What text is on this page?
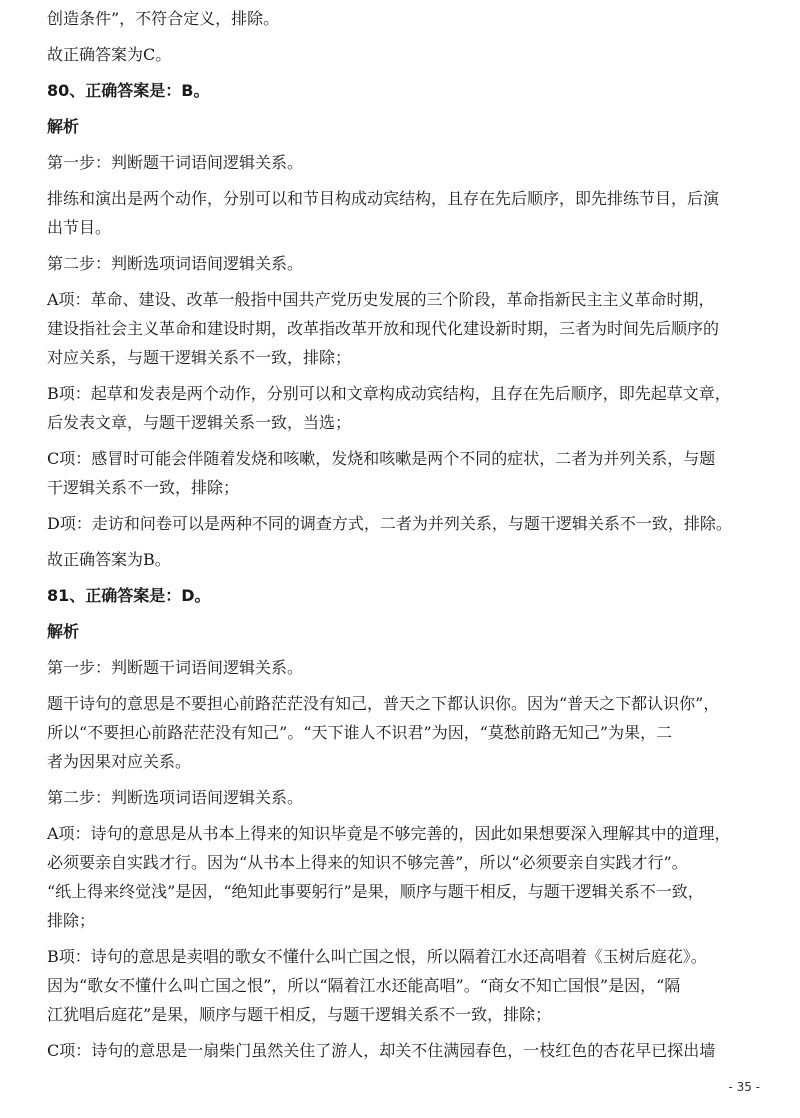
创造条件”，不符合定义，排除。
故正确答案为C。
80、正确答案是：B。
解析
第一步：判断题干词语间逻辑关系。
排练和演出是两个动作，分别可以和节目构成动宾结构，且存在先后顺序，即先排练节目，后演
出节目。
第二步：判断选项词语间逻辑关系。
A项：革命、建设、改革一般指中国共产党历史发展的三个阶段，革命指新民主主义革命时期，
建设指社会主义革命和建设时期，改革指改革开放和现代化建设新时期，三者为时间先后顺序的
对应关系，与题干逻辑关系不一致，排除；
B项：起草和发表是两个动作，分别可以和文章构成动宾结构，且存在先后顺序，即先起草文章，
后发表文章，与题干逻辑关系一致，当选；
C项：感冒时可能会伴随着发烧和咳嗽，发烧和咳嗽是两个不同的症状，二者为并列关系，与题
干逻辑关系不一致，排除；
D项：走访和问卷可以是两种不同的调查方式，二者为并列关系，与题干逻辑关系不一致，排除。
故正确答案为B。
81、正确答案是：D。
解析
第一步：判断题干词语间逻辑关系。
题干诗句的意思是不要担心前路茫茫没有知己，普天之下都认识你。因为“普天之下都认识你”，
所以“不要担心前路茫茫没有知己”。“天下谁人不识君”为因，“莫愁前路无知己”为果，二
者为因果对应关系。
第二步：判断选项词语间逻辑关系。
A项：诗句的意思是从书本上得来的知识毕竟是不够完善的，因此如果想要深入理解其中的道理，
必须要亲自实践才行。因为“从书本上得来的知识不够完善”，所以“必须要亲自实践才行”。
“纸上得来终觉浅”是因，“绝知此事要躬行”是果，顺序与题干相反，与题干逻辑关系不一致，
排除；
B项：诗句的意思是卖唱的歌女不懂什么叫亡国之恨，所以隔着江水还高唱着《玉树后庭花》。
因为“歌女不懂什么叫亡国之恨”，所以“隔着江水还能高唱”。“商女不知亡国恨”是因，“隔
江犹唱后庭花”是果，顺序与题干相反，与题干逻辑关系不一致，排除；
C项：诗句的意思是一扇柴门虽然关住了游人，却关不住满园春色，一枝红色的杏花早已探出墙
- 35 -
